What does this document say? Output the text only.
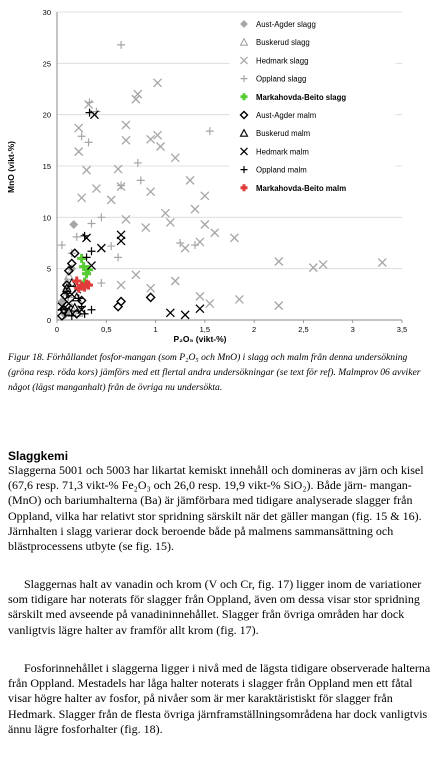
0
5
10
15
20
25
30
0	0,5	1	1,5	2	2,5	3	3,5
P₂O₅ (vikt-%)
MnO (vikt-%)
Aust-Agder slagg
Buskerud slagg
Hedmark slagg
Oppland slagg
Markahovda-Beito slagg
Aust-Agder malm
Buskerud malm
Hedmark malm
Oppland malm
Markahovda-Beito malm
Figur 18. Förhållandet fosfor-mangan (som P₂O₅ och MnO) i slagg och malm från denna undersökning (gröna resp. röda kors) jämförs med ett flertal andra undersökningar (se text för ref). Malmprov 06 avviker något (lägst manganhalt) från de övriga nu undersökta.
Slaggkemi

Slaggerna 5001 och 5003 har likartat kemiskt innehåll och domineras av järn och kisel (67,6 resp. 71,3 vikt-% Fe₂O₃ och 26,0 resp. 19,9 vikt-% SiO₂). Både järn- mangan- (MnO) och bariumhalterna (Ba) är jämförbara med tidigare analyserade slagger från Oppland, vilka har relativt stor spridning särskilt när det gäller mangan (fig. 15 & 16). Järnhalten i slagg varierar dock beroende både på malmens sammansättning och blästprocessens utbyte (se fig. 15).

Slaggernas halt av vanadin och krom (V och Cr, fig. 17) ligger inom de variationer som tidigare har noterats för slagger från Oppland, även om dessa visar stor spridning särskilt med avseende på vanadininnehållet. Slagger från övriga områden har dock vanligtvis lägre halter av framför allt krom (fig. 17).

Fosforinnehållet i slaggerna ligger i nivå med de lägsta tidigare observerade halterna från Oppland. Mestadels har låga halter noterats i slagger från Oppland men ett fåtal visar högre halter av fosfor, på nivåer som är mer karaktäristiskt för slagger från Hedmark. Slagger från de flesta övriga järnframställningsområdena har dock vanligtvis ännu lägre fosforhalter (fig. 18).
